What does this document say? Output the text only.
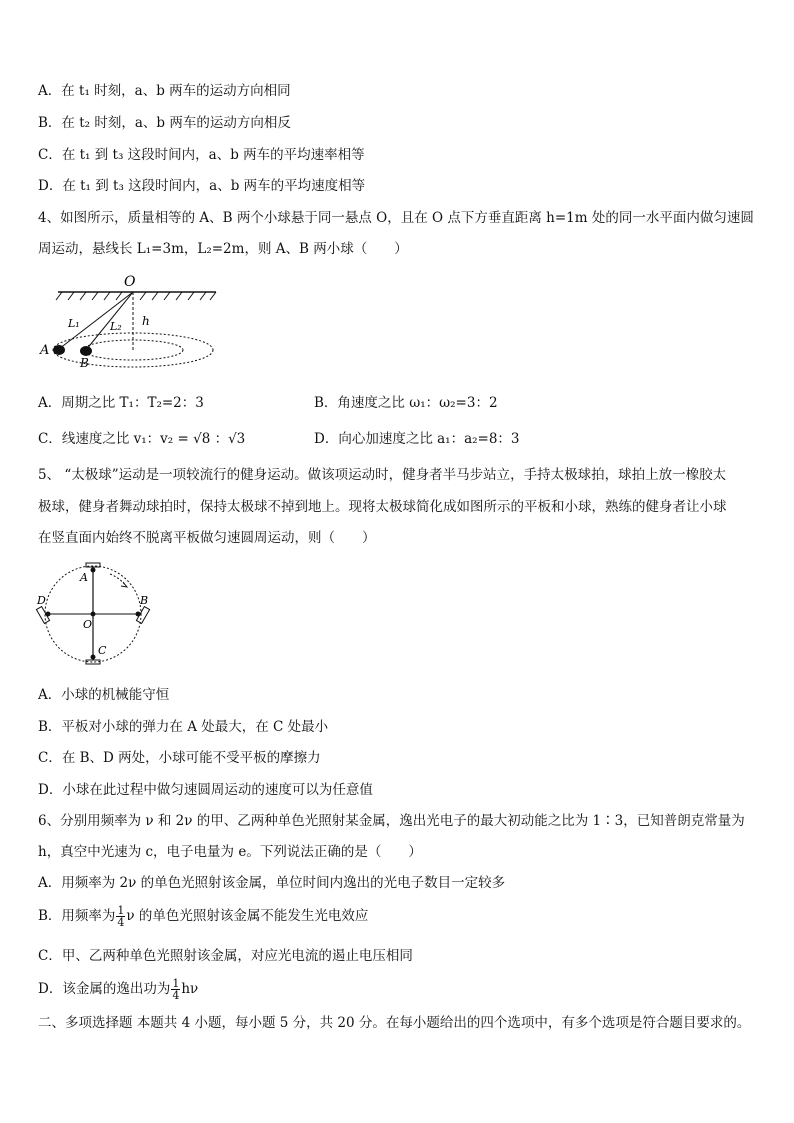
A．在 t₁ 时刻，a、b 两车的运动方向相同
B．在 t₂ 时刻，a、b 两车的运动方向相反
C．在 t₁ 到 t₃ 这段时间内，a、b 两车的平均速率相等
D．在 t₁ 到 t₃ 这段时间内，a、b 两车的平均速度相等
4、如图所示，质量相等的 A、B 两个小球悬于同一悬点 O，且在 O 点下方垂直距离 h=1m 处的同一水平面内做匀速圆
周运动，悬线长 L₁=3m，L₂=2m，则 A、B 两小球（　　）
O
L₁	L₂ h
A
B
A．周期之比 T₁：T₂=2：3	B．角速度之比 ω₁：ω₂=3：2
C．线速度之比 v₁：v₂ = √8 ：√3	D．向心加速度之比 a₁：a₂=8：3
5、 “太极球”运动是一项较流行的健身运动。做该项运动时，健身者半马步站立，手持太极球拍，球拍上放一橡胶太
极球，健身者舞动球拍时，保持太极球不掉到地上。现将太极球简化成如图所示的平板和小球，熟练的健身者让小球
在竖直面内始终不脱离平板做匀速圆周运动，则（　　）
A
B
C
D
O
A．小球的机械能守恒
B．平板对小球的弹力在 A 处最大，在 C 处最小
C．在 B、D 两处，小球可能不受平板的摩擦力
D．小球在此过程中做匀速圆周运动的速度可以为任意值
6、分别用频率为 ν 和 2ν 的甲、乙两种单色光照射某金属，逸出光电子的最大初动能之比为 1∶3，已知普朗克常量为
h，真空中光速为 c，电子电量为 e。下列说法正确的是（　　）
A．用频率为 2ν 的单色光照射该金属，单位时间内逸出的光电子数目一定较多
B．用频率为 $\frac{1}{4}$ ν 的单色光照射该金属不能发生光电效应
C．甲、乙两种单色光照射该金属，对应光电流的遏止电压相同
D．该金属的逸出功为 $\frac{1}{4}$ hν
二、多项选择题 本题共 4 小题，每小题 5 分，共 20 分。在每小题给出的四个选项中，有多个选项是符合题目要求的。
